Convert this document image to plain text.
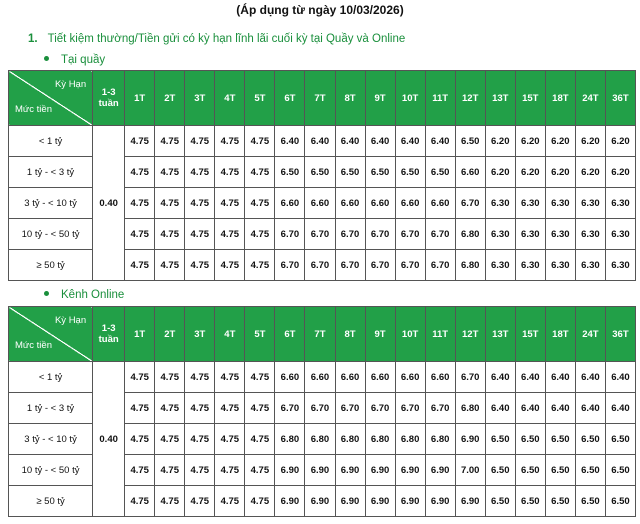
(Áp dụng từ ngày 10/03/2026)
1. Tiết kiệm thường/Tiền gửi có kỳ hạn lĩnh lãi cuối kỳ tại Quầy và Online
Tại quầy
Kỳ Hạn
Mức tiền	1-3 tuần	1T	2T	3T	4T	5T	6T	7T	8T	9T	10T	11T	12T	13T	15T	18T	24T	36T
< 1 tỷ	0.40	4.75	4.75	4.75	4.75	4.75	6.40	6.40	6.40	6.40	6.40	6.40	6.50	6.20	6.20	6.20	6.20	6.20
1 tỷ - < 3 tỷ		4.75	4.75	4.75	4.75	4.75	6.50	6.50	6.50	6.50	6.50	6.50	6.60	6.20	6.20	6.20	6.20	6.20
3 tỷ - < 10 tỷ		4.75	4.75	4.75	4.75	4.75	6.60	6.60	6.60	6.60	6.60	6.60	6.70	6.30	6.30	6.30	6.30	6.30
10 tỷ - < 50 tỷ		4.75	4.75	4.75	4.75	4.75	6.70	6.70	6.70	6.70	6.70	6.70	6.80	6.30	6.30	6.30	6.30	6.30
≥ 50 tỷ		4.75	4.75	4.75	4.75	4.75	6.70	6.70	6.70	6.70	6.70	6.70	6.80	6.30	6.30	6.30	6.30	6.30
Kênh Online
Kỳ Hạn
Mức tiền	1-3 tuần	1T	2T	3T	4T	5T	6T	7T	8T	9T	10T	11T	12T	13T	15T	18T	24T	36T
< 1 tỷ	0.40	4.75	4.75	4.75	4.75	4.75	6.60	6.60	6.60	6.60	6.60	6.60	6.70	6.40	6.40	6.40	6.40	6.40
1 tỷ - < 3 tỷ		4.75	4.75	4.75	4.75	4.75	6.70	6.70	6.70	6.70	6.70	6.70	6.80	6.40	6.40	6.40	6.40	6.40
3 tỷ - < 10 tỷ		4.75	4.75	4.75	4.75	4.75	6.80	6.80	6.80	6.80	6.80	6.80	6.90	6.50	6.50	6.50	6.50	6.50
10 tỷ - < 50 tỷ		4.75	4.75	4.75	4.75	4.75	6.90	6.90	6.90	6.90	6.90	6.90	7.00	6.50	6.50	6.50	6.50	6.50
≥ 50 tỷ		4.75	4.75	4.75	4.75	4.75	6.90	6.90	6.90	6.90	6.90	6.90	6.90	6.50	6.50	6.50	6.50	6.50
